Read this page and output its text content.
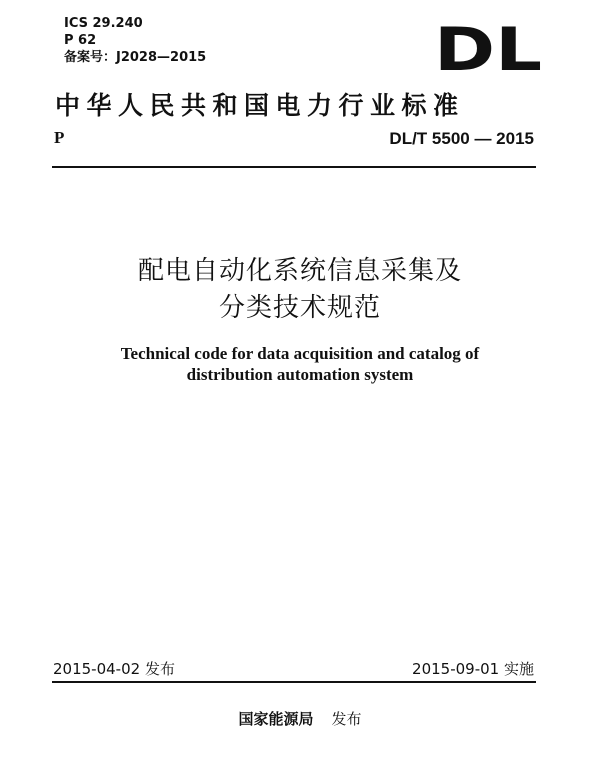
ICS 29.240
P 62
备案号：J2028—2015	DL
中华人民共和国电力行业标准
P	DL/T 5500 — 2015
配电自动化系统信息采集及
分类技术规范
Technical code for data acquisition and catalog of
distribution automation system
2015-04-02 发布	2015-09-01 实施
国家能源局 发布
